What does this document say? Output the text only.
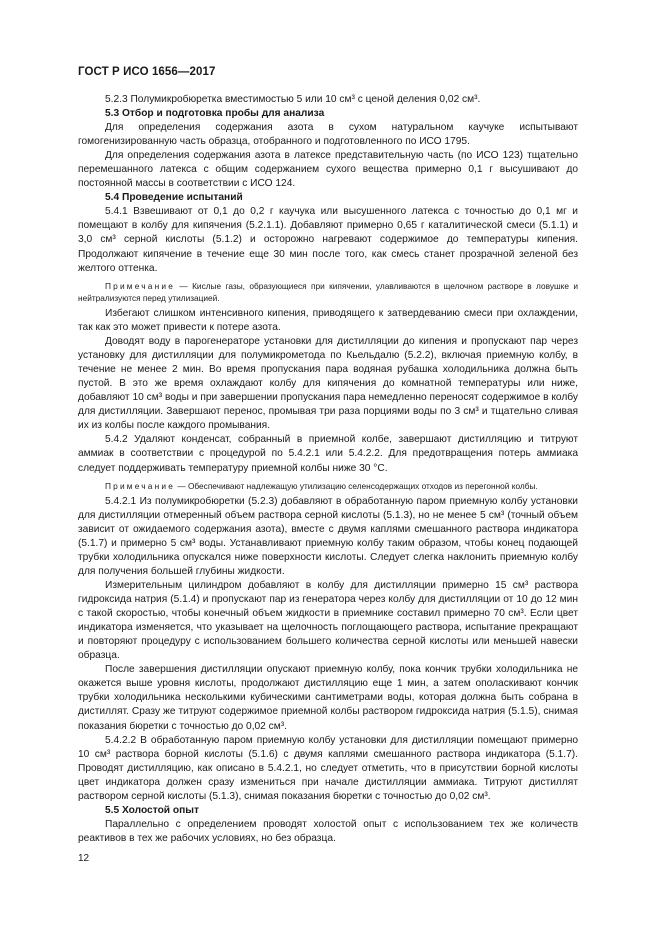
ГОСТ Р ИСО 1656—2017

5.2.3 Полумикробюретка вместимостью 5 или 10 см³ с ценой деления 0,02 см³.

5.3 Отбор и подготовка пробы для анализа

Для определения содержания азота в сухом натуральном каучуке испытывают гомогенизированную часть образца, отобранного и подготовленного по ИСО 1795.

Для определения содержания азота в латексе представительную часть (по ИСО 123) тщательно перемешанного латекса с общим содержанием сухого вещества примерно 0,1 г высушивают до постоянной массы в соответствии с ИСО 124.

5.4 Проведение испытаний

5.4.1 Взвешивают от 0,1 до 0,2 г каучука или высушенного латекса с точностью до 0,1 мг и помещают в колбу для кипячения (5.2.1.1). Добавляют примерно 0,65 г каталитической смеси (5.1.1) и 3,0 см³ серной кислоты (5.1.2) и осторожно нагревают содержимое до температуры кипения. Продолжают кипячение в течение еще 30 мин после того, как смесь станет прозрачной зеленой без желтого оттенка.

Примечание — Кислые газы, образующиеся при кипячении, улавливаются в щелочном растворе в ловушке и нейтрализуются перед утилизацией.

Избегают слишком интенсивного кипения, приводящего к затвердеванию смеси при охлаждении, так как это может привести к потере азота.

Доводят воду в парогенераторе установки для дистилляции до кипения и пропускают пар через установку для дистилляции для полумикрометода по Кьельдалю (5.2.2), включая приемную колбу, в течение не менее 2 мин. Во время пропускания пара водяная рубашка холодильника должна быть пустой. В это же время охлаждают колбу для кипячения до комнатной температуры или ниже, добавляют 10 см³ воды и при завершении пропускания пара немедленно переносят содержимое в колбу для дистилляции. Завершают перенос, промывая три раза порциями воды по 3 см³ и тщательно сливая их из колбы после каждого промывания.

5.4.2 Удаляют конденсат, собранный в приемной колбе, завершают дистилляцию и титруют аммиак в соответствии с процедурой по 5.4.2.1 или 5.4.2.2. Для предотвращения потерь аммиака следует поддерживать температуру приемной колбы ниже 30 °С.

Примечание — Обеспечивают надлежащую утилизацию селенсодержащих отходов из перегонной колбы.

5.4.2.1 Из полумикробюретки (5.2.3) добавляют в обработанную паром приемную колбу установки для дистилляции отмеренный объем раствора серной кислоты (5.1.3), но не менее 5 см³ (точный объем зависит от ожидаемого содержания азота), вместе с двумя каплями смешанного раствора индикатора (5.1.7) и примерно 5 см³ воды. Устанавливают приемную колбу таким образом, чтобы конец подающей трубки холодильника опускался ниже поверхности кислоты. Следует слегка наклонить приемную колбу для получения большей глубины жидкости.

Измерительным цилиндром добавляют в колбу для дистилляции примерно 15 см³ раствора гидроксида натрия (5.1.4) и пропускают пар из генератора через колбу для дистилляции от 10 до 12 мин с такой скоростью, чтобы конечный объем жидкости в приемнике составил примерно 70 см³. Если цвет индикатора изменяется, что указывает на щелочность поглощающего раствора, испытание прекращают и повторяют процедуру с использованием большего количества серной кислоты или меньшей навески образца.

После завершения дистилляции опускают приемную колбу, пока кончик трубки холодильника не окажется выше уровня кислоты, продолжают дистилляцию еще 1 мин, а затем ополаскивают кончик трубки холодильника несколькими кубическими сантиметрами воды, которая должна быть собрана в дистиллят. Сразу же титруют содержимое приемной колбы раствором гидроксида натрия (5.1.5), снимая показания бюретки с точностью до 0,02 см³.

5.4.2.2 В обработанную паром приемную колбу установки для дистилляции помещают примерно 10 см³ раствора борной кислоты (5.1.6) с двумя каплями смешанного раствора индикатора (5.1.7). Проводят дистилляцию, как описано в 5.4.2.1, но следует отметить, что в присутствии борной кислоты цвет индикатора должен сразу измениться при начале дистилляции аммиака. Титруют дистиллят раствором серной кислоты (5.1.3), снимая показания бюретки с точностью до 0,02 см³.

5.5 Холостой опыт

Параллельно с определением проводят холостой опыт с использованием тех же количеств реактивов в тех же рабочих условиях, но без образца.

12
